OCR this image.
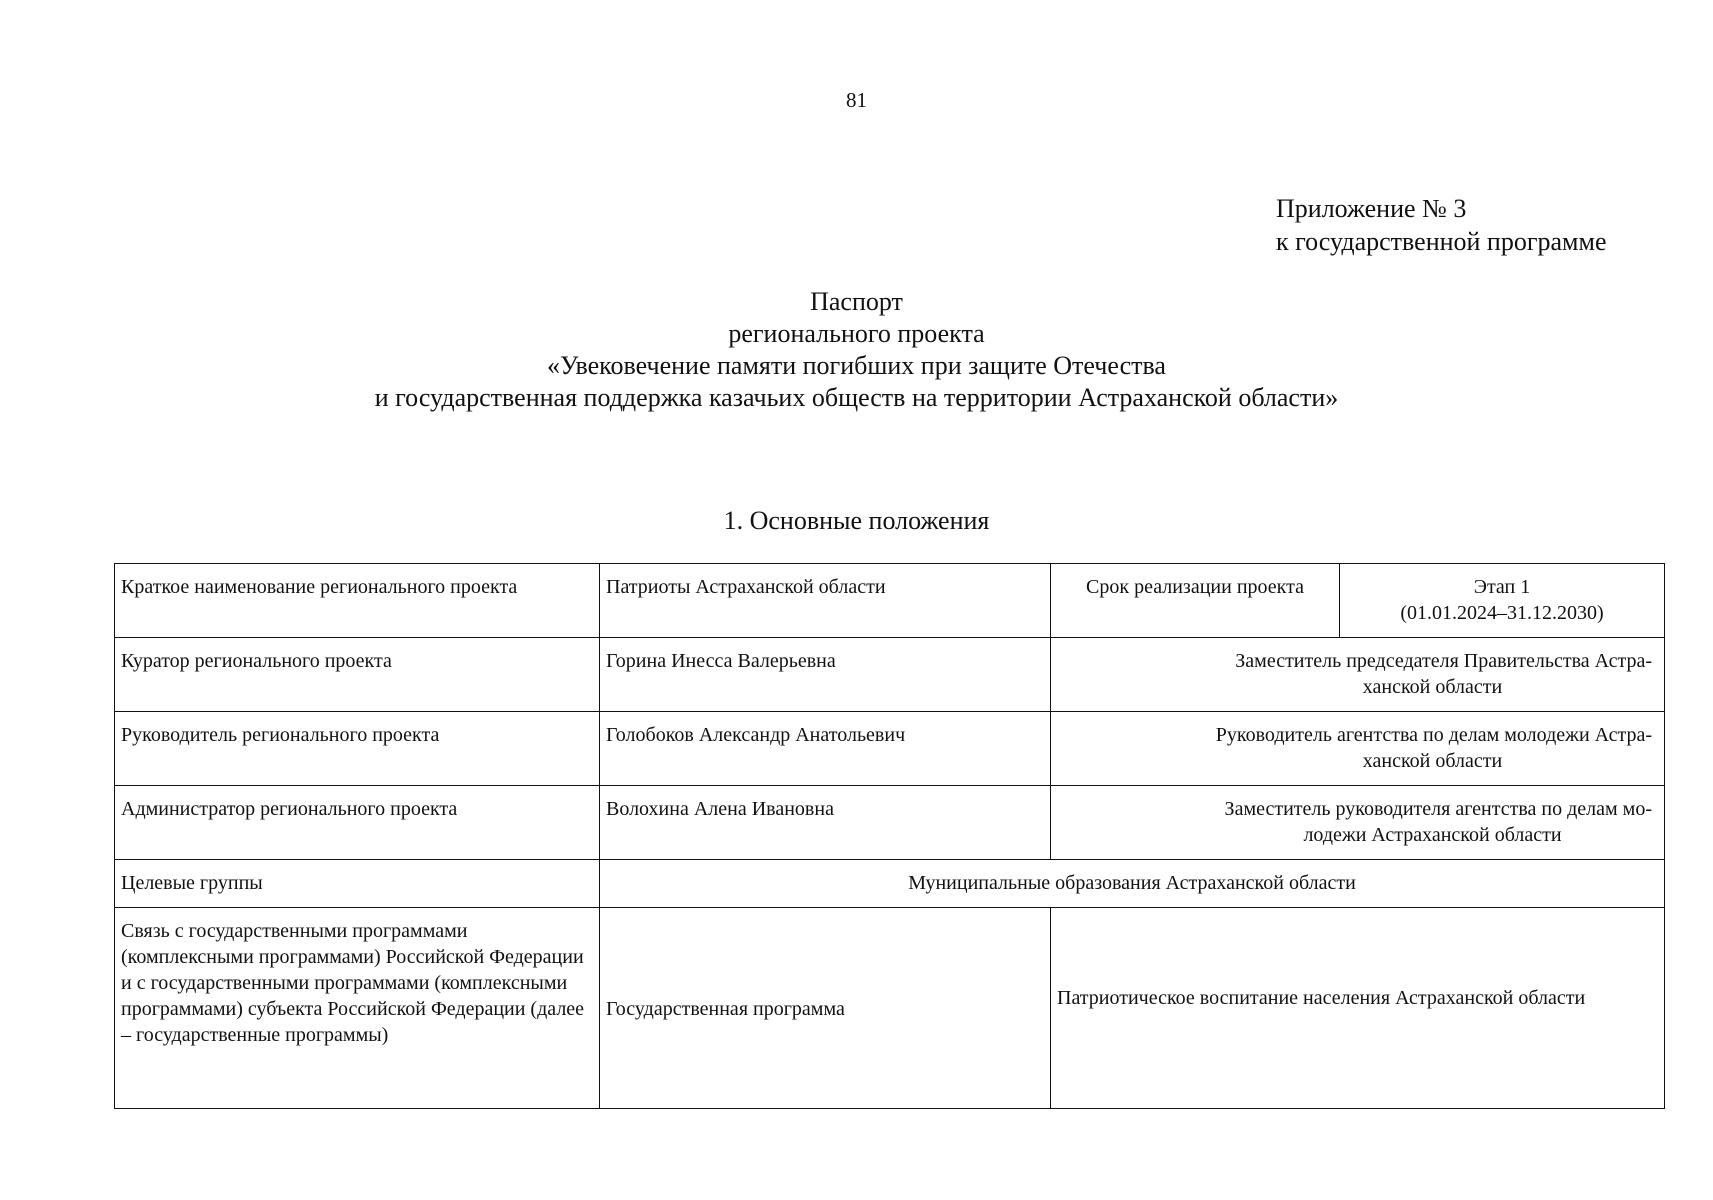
81
Приложение № 3
к государственной программе
Паспорт
регионального проекта
«Увековечение памяти погибших при защите Отечества
и государственная поддержка казачьих обществ на территории Астраханской области»
1. Основные положения
Краткое наименование регионального проекта	Патриоты Астраханской области	Срок реализации проекта	Этап 1
(01.01.2024–31.12.2030)

Куратор регионального проекта	Горина Инесса Валерьевна	Заместитель председателя Правительства Астра-
ханской области	

Руководитель регионального проекта	Голобоков Александр Анатольевич	Руководитель агентства по делам молодежи Астра-
ханской области	

Администратор регионального проекта	Волохина Алена Ивановна	Заместитель руководителя агентства по делам мо-
лодежи Астраханской области	

Целевые группы	Муниципальные образования Астраханской области		
Связь с государственными программами (комплексными программами) Российской Федерации и с государственными программами (комплексными программами) субъекта Российской Федерации (далее – государственные программы)	Государственная программа	Патриотическое воспитание населения Астраханской области	
